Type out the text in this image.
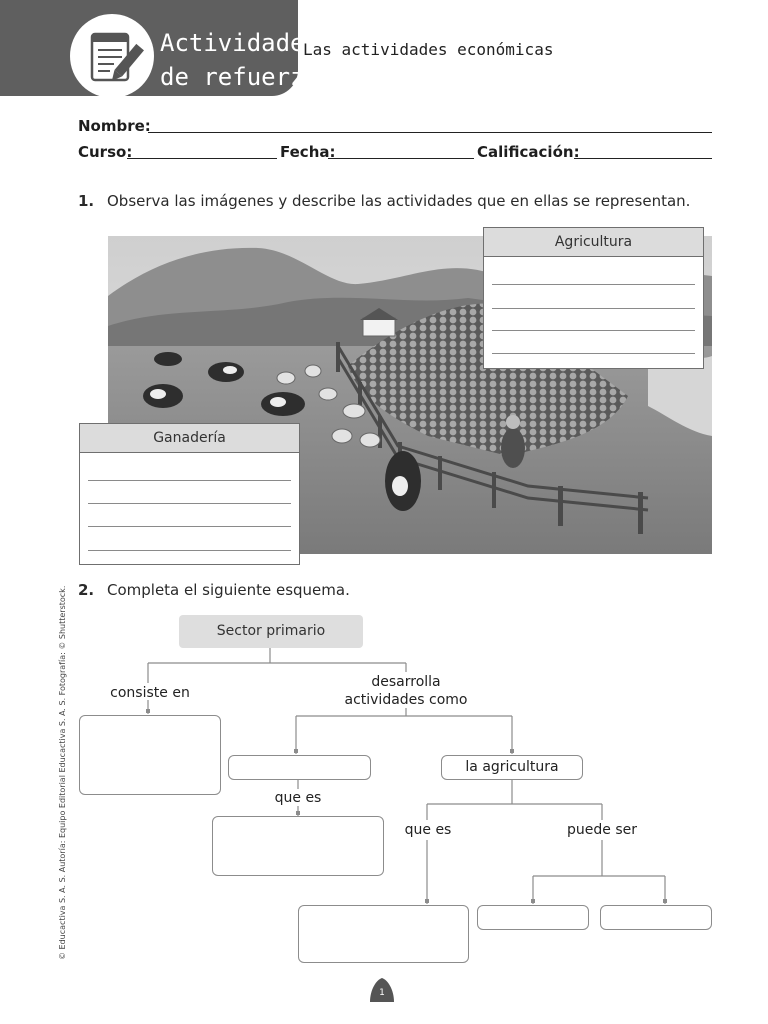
Actividades
de refuerzo
Las actividades económicas
Nombre:
Curso:	Fecha:	Calificación:
1. Observa las imágenes y describe las actividades que en ellas se representan.
Agricultura
Ganadería
2. Completa el siguiente esquema.
Sector primario
consiste en
desarrolla
actividades como
la agricultura
que es
que es	puede ser
© Educactiva S. A. S. Autoría: Equipo Editorial Educactiva S. A. S. Fotografía: © Shutterstock.
1
